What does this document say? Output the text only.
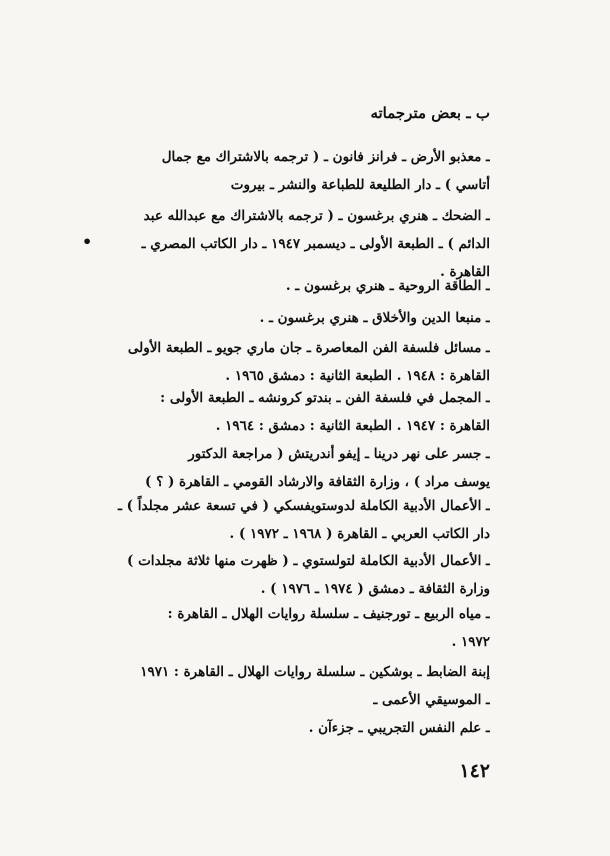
ب ـ بعض مترجماته
•
ـ معذبو الأرض ـ فرانز فانون ـ ( ترجمه بالاشتراك مع جمال
أتاسي ) ـ دار الطليعة للطباعة والنشر ـ بيروت
ـ الضحك ـ هنري برغسون ـ ( ترجمه بالاشتراك مع عبدالله عبد
الدائم ) ـ الطبعة الأولى ـ ديسمبر ١٩٤٧ ـ دار الكاتب المصري ـ
القاهرة .
ـ الطاقة الروحية ـ هنري برغسون ـ .
ـ منبعا الدين والأخلاق ـ هنري برغسون ـ .
ـ مسائل فلسفة الفن المعاصرة ـ جان ماري جويو ـ الطبعة الأولى
القاهرة : ١٩٤٨ . الطبعة الثانية : دمشق ١٩٦٥ .
ـ المجمل في فلسفة الفن ـ بندتو كرونشه ـ الطبعة الأولى :
القاهرة : ١٩٤٧ . الطبعة الثانية : دمشق : ١٩٦٤ .
ـ جسر على نهر درينا ـ إيفو أندريتش ( مراجعة الدكتور
يوسف مراد ) ، وزارة الثقافة والارشاد القومي ـ القاهرة ( ؟ )
ـ الأعمال الأدبية الكاملة لدوستويفسكي ( في تسعة عشر مجلداً ) ـ
دار الكاتب العربي ـ القاهرة ( ١٩٦٨ ـ ١٩٧٢ ) .
ـ الأعمال الأدبية الكاملة لتولستوي ـ ( ظهرت منها ثلاثة مجلدات )
وزارة الثقافة ـ دمشق ( ١٩٧٤ ـ ١٩٧٦ ) .
ـ مياه الربيع ـ تورجنيف ـ سلسلة روايات الهلال ـ القاهرة :
١٩٧٢ .
إبنة الضابط ـ بوشكين ـ سلسلة روايات الهلال ـ القاهرة : ١٩٧١
ـ الموسيقي الأعمى ـ
ـ علم النفس التجريبي ـ جزءآن .
١٤٢
